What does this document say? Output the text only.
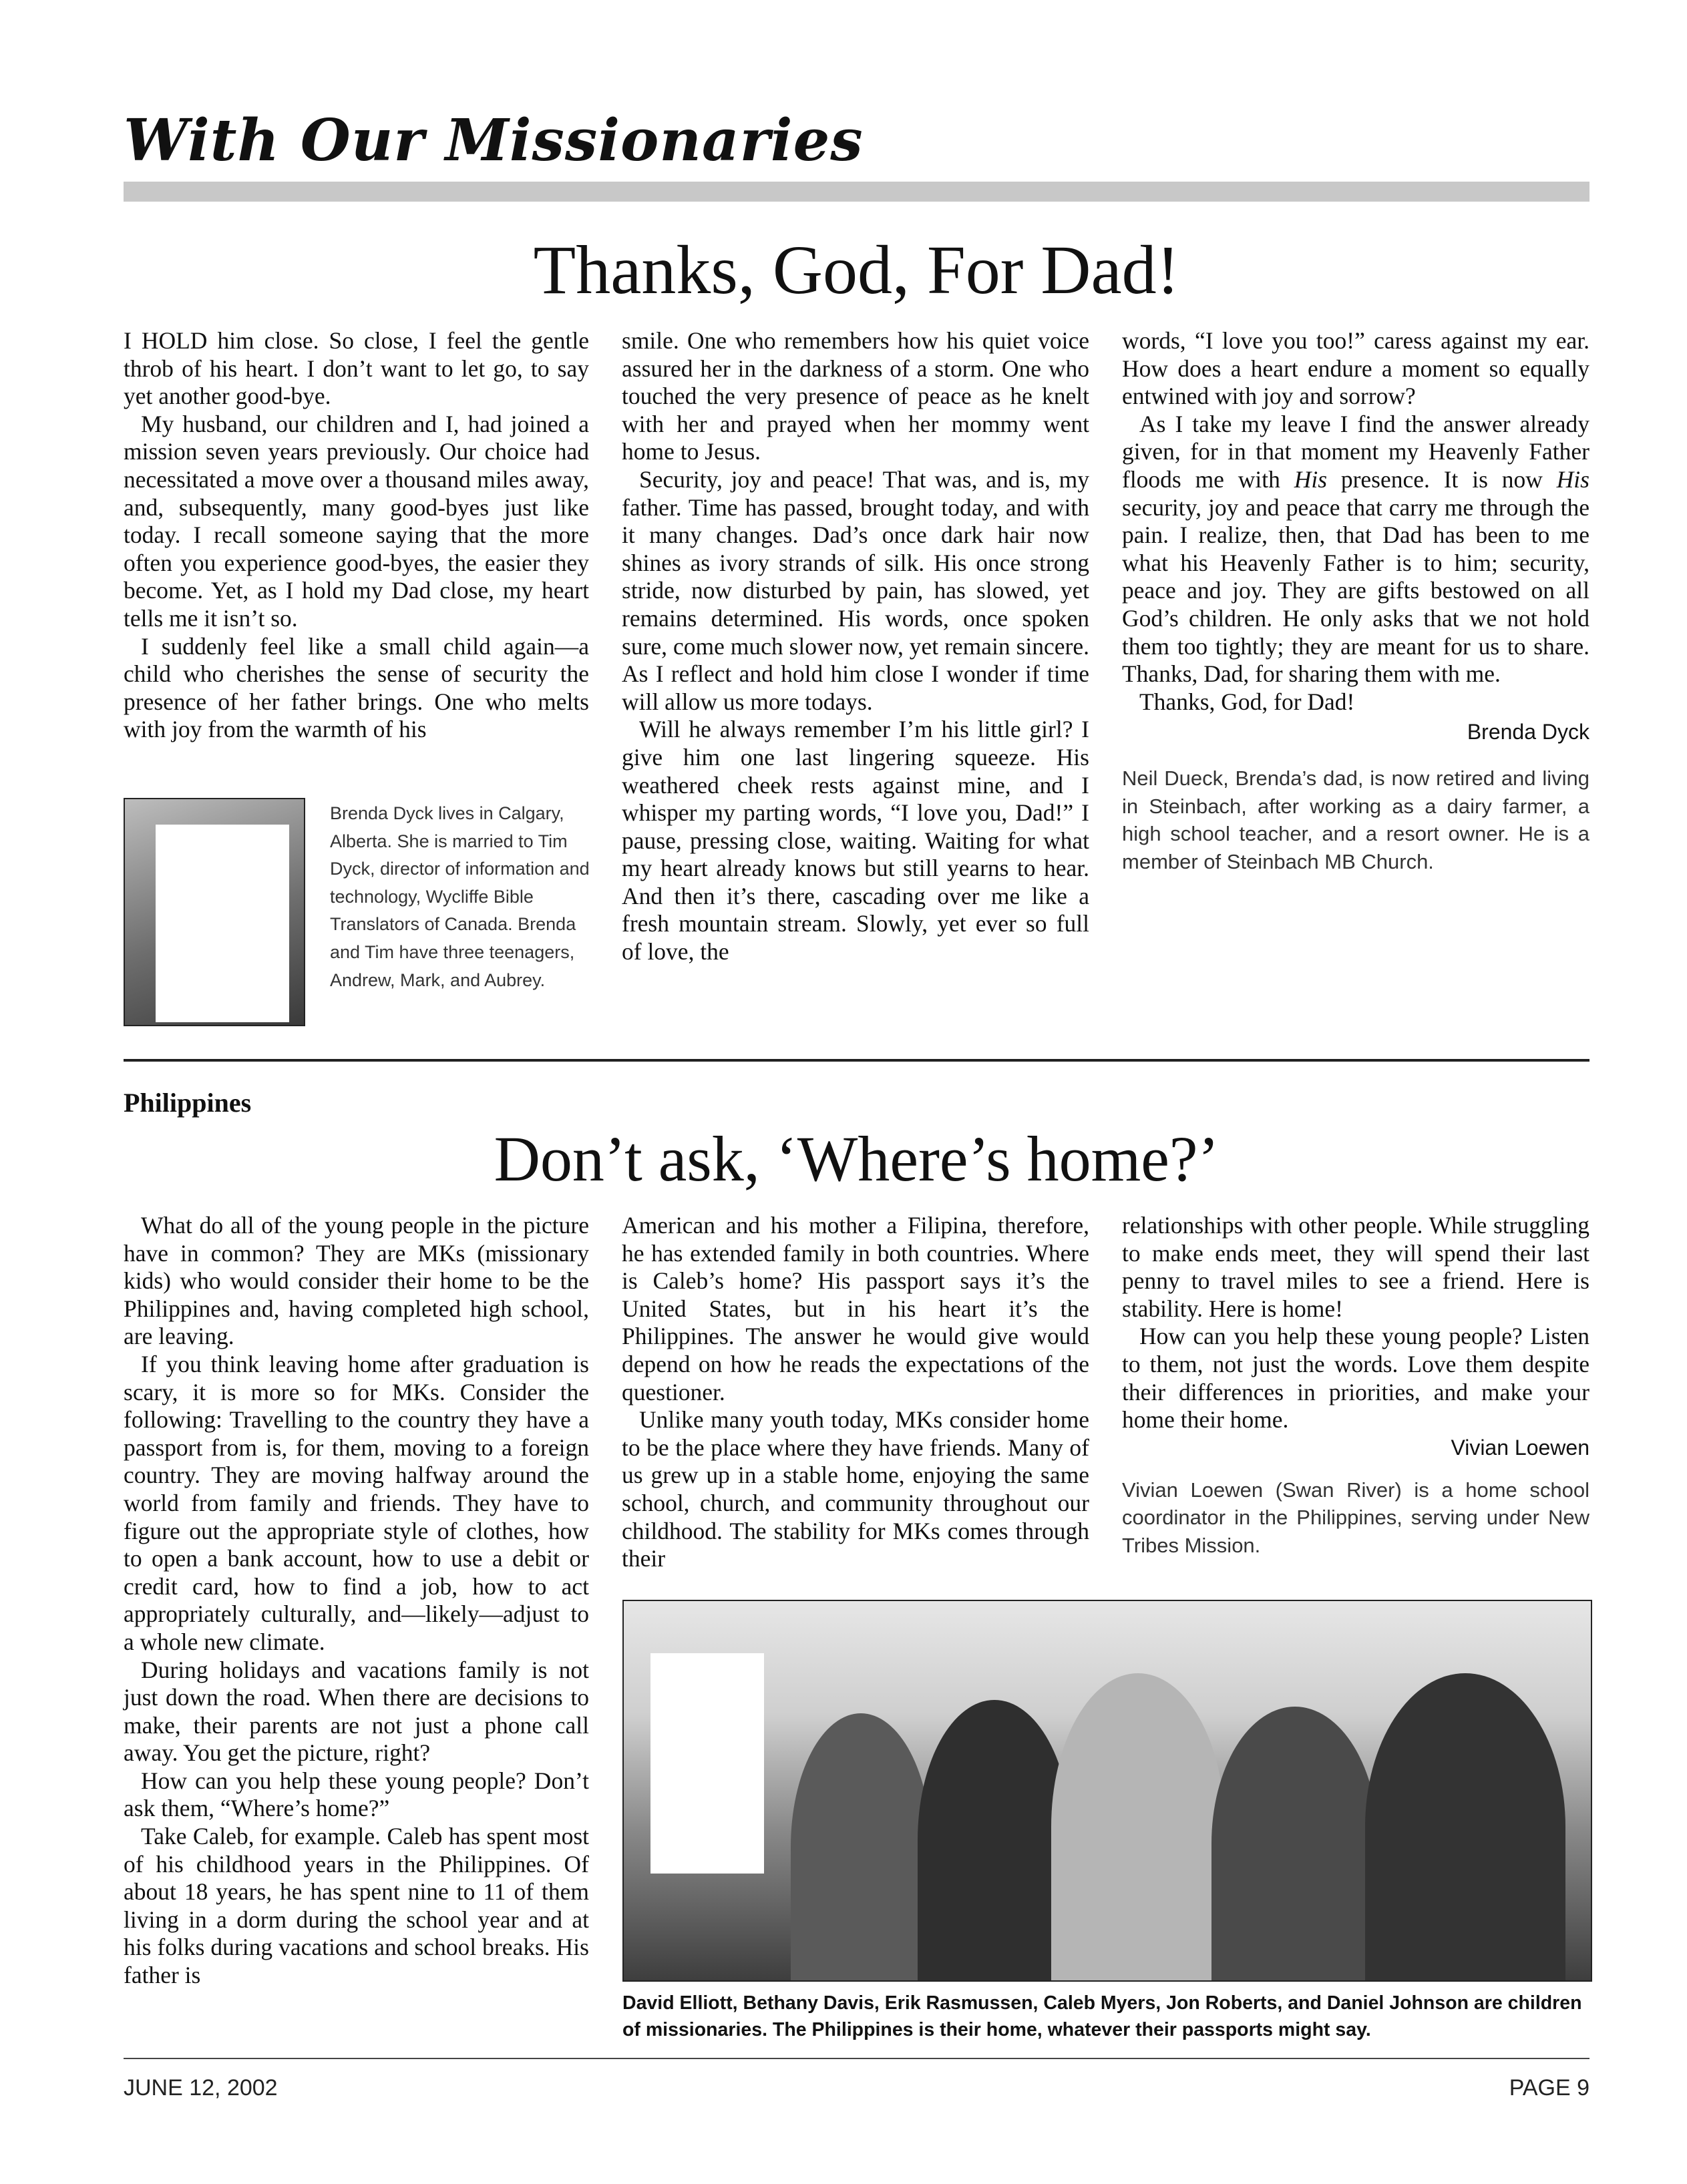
With Our Missionaries
Thanks, God, For Dad!

I HOLD him close. So close, I feel the gentle throb of his heart. I don’t want to let go, to say yet another good-bye.

My husband, our children and I, had joined a mission seven years previously. Our choice had necessitated a move over a thousand miles away, and, subsequently, many good-byes just like today. I recall someone saying that the more often you experience good-byes, the easier they become. Yet, as I hold my Dad close, my heart tells me it isn’t so.

I suddenly feel like a small child again—a child who cherishes the sense of security the presence of her father brings. One who melts with joy from the warmth of his

Brenda Dyck lives in Calgary, Alberta. She is married to Tim Dyck, director of information and technology, Wycliffe Bible Translators of Canada. Brenda and Tim have three teenagers, Andrew, Mark, and Aubrey.

smile. One who remembers how his quiet voice assured her in the darkness of a storm. One who touched the very presence of peace as he knelt with her and prayed when her mommy went home to Jesus.

Security, joy and peace! That was, and is, my father. Time has passed, brought today, and with it many changes. Dad’s once dark hair now shines as ivory strands of silk. His once strong stride, now disturbed by pain, has slowed, yet remains determined. His words, once spoken sure, come much slower now, yet remain sincere. As I reflect and hold him close I wonder if time will allow us more todays.

Will he always remember I’m his little girl? I give him one last lingering squeeze. His weathered cheek rests against mine, and I whisper my parting words, “I love you, Dad!” I pause, pressing close, waiting. Waiting for what my heart already knows but still yearns to hear. And then it’s there, cascading over me like a fresh mountain stream. Slowly, yet ever so full of love, the

words, “I love you too!” caress against my ear. How does a heart endure a moment so equally entwined with joy and sorrow?

As I take my leave I find the answer already given, for in that moment my Heavenly Father floods me with His presence. It is now His security, joy and peace that carry me through the pain. I realize, then, that Dad has been to me what his Heavenly Father is to him; security, peace and joy. They are gifts bestowed on all God’s children. He only asks that we not hold them too tightly; they are meant for us to share. Thanks, Dad, for sharing them with me.

Thanks, God, for Dad!

Brenda Dyck
Neil Dueck, Brenda’s dad, is now retired and living in Steinbach, after working as a dairy farmer, a high school teacher, and a resort owner. He is a member of Steinbach MB Church.
Philippines
Don’t ask, ‘Where’s home?’

What do all of the young people in the picture have in common? They are MKs (missionary kids) who would consider their home to be the Philippines and, having completed high school, are leaving.

If you think leaving home after graduation is scary, it is more so for MKs. Consider the following: Travelling to the country they have a passport from is, for them, moving to a foreign country. They are moving halfway around the world from family and friends. They have to figure out the appropriate style of clothes, how to open a bank account, how to use a debit or credit card, how to find a job, how to act appropriately culturally, and—likely—adjust to a whole new climate.

During holidays and vacations family is not just down the road. When there are decisions to make, their parents are not just a phone call away. You get the picture, right?

How can you help these young people? Don’t ask them, “Where’s home?”

Take Caleb, for example. Caleb has spent most of his childhood years in the Philippines. Of about 18 years, he has spent nine to 11 of them living in a dorm during the school year and at his folks during vacations and school breaks. His father is

American and his mother a Filipina, therefore, he has extended family in both countries. Where is Caleb’s home? His passport says it’s the United States, but in his heart it’s the Philippines. The answer he would give would depend on how he reads the expectations of the questioner.

Unlike many youth today, MKs consider home to be the place where they have friends. Many of us grew up in a stable home, enjoying the same school, church, and community throughout our childhood. The stability for MKs comes through their

relationships with other people. While struggling to make ends meet, they will spend their last penny to travel miles to see a friend. Here is stability. Here is home!

How can you help these young people? Listen to them, not just the words. Love them despite their differences in priorities, and make your home their home.

Vivian Loewen
Vivian Loewen (Swan River) is a home school coordinator in the Philippines, serving under New Tribes Mission.
David Elliott, Bethany Davis, Erik Rasmussen, Caleb Myers, Jon Roberts, and Daniel Johnson are children of missionaries. The Philippines is their home, whatever their passports might say.
JUNE 12, 2002	PAGE 9
